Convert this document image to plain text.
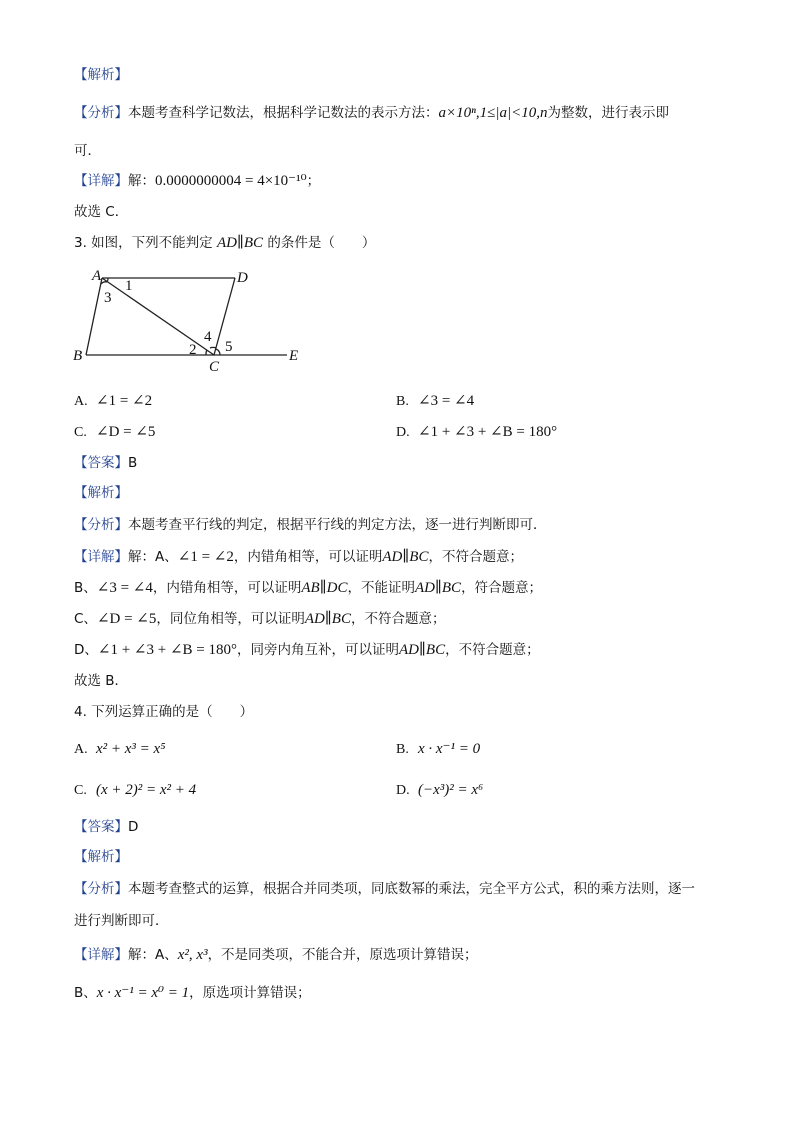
【解析】
【分析】本题考查科学记数法，根据科学记数法的表示方法：a×10ⁿ,1≤|a|<10,n为整数，进行表示即
可．
【详解】解：0.0000000004 = 4×10⁻¹⁰；
故选 C．
3. 如图，下列不能判定 AD∥BC 的条件是（　　）
A	D
B
C
E
1
3
2
4
5
A. ∠1 = ∠2	B. ∠3 = ∠4
C. ∠D = ∠5	D. ∠1 + ∠3 + ∠B = 180°
【答案】B
【解析】
【分析】本题考查平行线的判定，根据平行线的判定方法，逐一进行判断即可．
【详解】解：A、∠1 = ∠2，内错角相等，可以证明AD∥BC，不符合题意；
B、∠3 = ∠4，内错角相等，可以证明AB∥DC，不能证明AD∥BC，符合题意；
C、∠D = ∠5，同位角相等，可以证明AD∥BC，不符合题意；
D、∠1 + ∠3 + ∠B = 180°，同旁内角互补，可以证明AD∥BC，不符合题意；
故选 B．
4. 下列运算正确的是（　　）
A. x² + x³ = x⁵	B. x · x⁻¹ = 0
C. (x + 2)² = x² + 4	D. (−x³)² = x⁶
【答案】D
【解析】
【分析】本题考查整式的运算，根据合并同类项，同底数幂的乘法，完全平方公式，积的乘方法则，逐一
进行判断即可．
【详解】解：A、x², x³，不是同类项，不能合并，原选项计算错误；
B、x · x⁻¹ = x⁰ = 1，原选项计算错误；
